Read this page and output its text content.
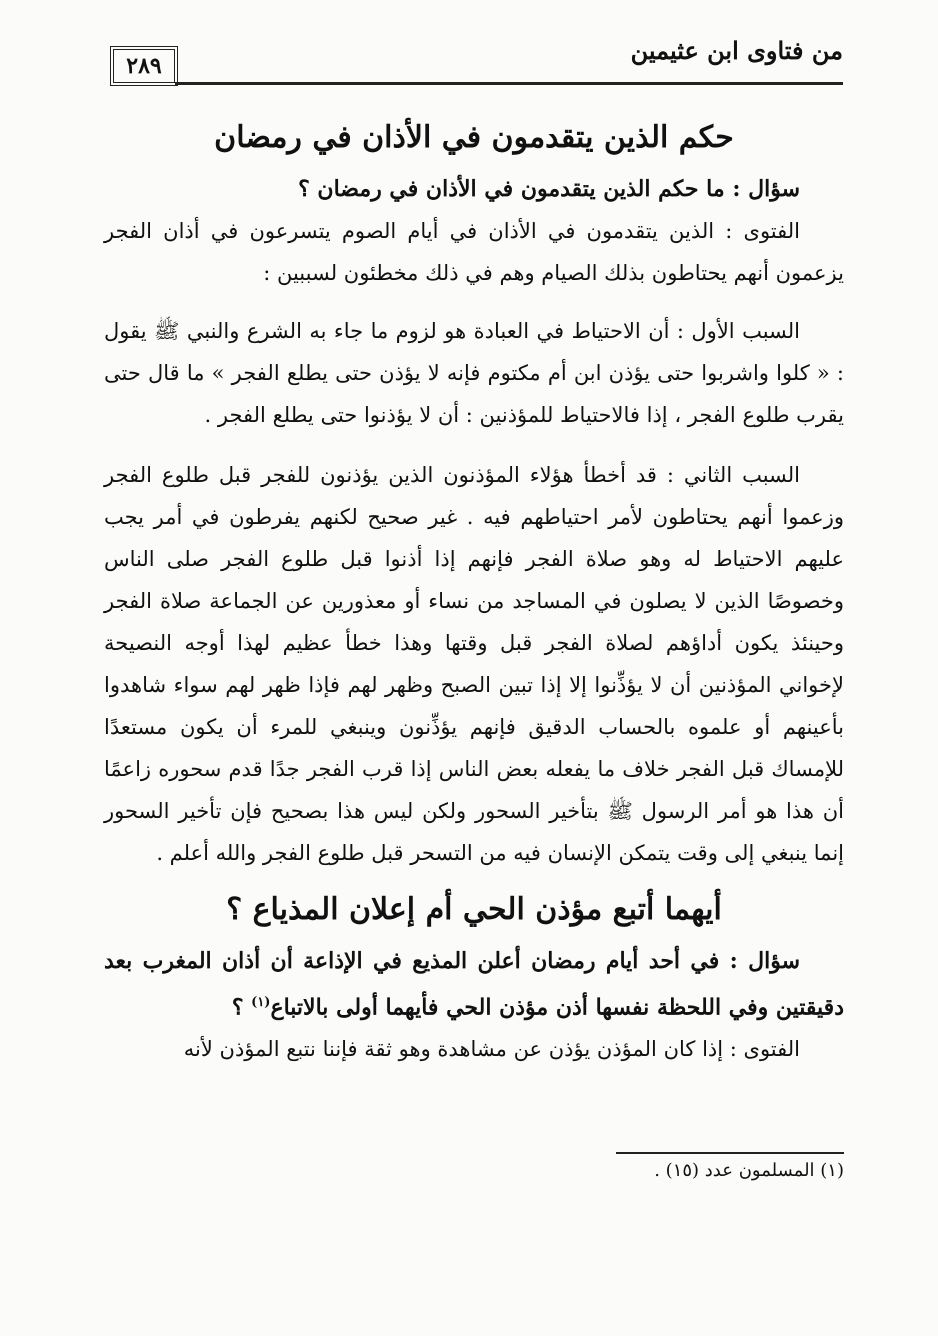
٢٨٩
من فتاوى ابن عثيمين
حكم الذين يتقدمون في الأذان في رمضان

سؤال : ما حكم الذين يتقدمون في الأذان في رمضان ؟

الفتوى : الذين يتقدمون في الأذان في أيام الصوم يتسرعون في أذان الفجر يزعمون أنهم يحتاطون بذلك الصيام وهم في ذلك مخطئون لسببين :

السبب الأول : أن الاحتياط في العبادة هو لزوم ما جاء به الشرع والنبي ﷺ يقول : « كلوا واشربوا حتى يؤذن ابن أم مكتوم فإنه لا يؤذن حتى يطلع الفجر » ما قال حتى يقرب طلوع الفجر ، إذا فالاحتياط للمؤذنين : أن لا يؤذنوا حتى يطلع الفجر .

السبب الثاني : قد أخطأ هؤلاء المؤذنون الذين يؤذنون للفجر قبل طلوع الفجر وزعموا أنهم يحتاطون لأمر احتياطهم فيه . غير صحيح لكنهم يفرطون في أمر يجب عليهم الاحتياط له وهو صلاة الفجر فإنهم إذا أذنوا قبل طلوع الفجر صلى الناس وخصوصًا الذين لا يصلون في المساجد من نساء أو معذورين عن الجماعة صلاة الفجر وحينئذ يكون أداؤهم لصلاة الفجر قبل وقتها وهذا خطأ عظيم لهذا أوجه النصيحة لإخواني المؤذنين أن لا يؤذِّنوا إلا إذا تبين الصبح وظهر لهم فإذا ظهر لهم سواء شاهدوا بأعينهم أو علموه بالحساب الدقيق فإنهم يؤذِّنون وينبغي للمرء أن يكون مستعدًا للإمساك قبل الفجر خلاف ما يفعله بعض الناس إذا قرب الفجر جدًا قدم سحوره زاعمًا أن هذا هو أمر الرسول ﷺ بتأخير السحور ولكن ليس هذا بصحيح فإن تأخير السحور إنما ينبغي إلى وقت يتمكن الإنسان فيه من التسحر قبل طلوع الفجر والله أعلم .

أيهما أتبع مؤذن الحي أم إعلان المذياع ؟

سؤال : في أحد أيام رمضان أعلن المذيع في الإذاعة أن أذان المغرب بعد دقيقتين وفي اللحظة نفسها أذن مؤذن الحي فأيهما أولى بالاتباع$^{(١)}$ ؟

الفتوى : إذا كان المؤذن يؤذن عن مشاهدة وهو ثقة فإننا نتبع المؤذن لأنه

(١) المسلمون عدد (١٥) .
